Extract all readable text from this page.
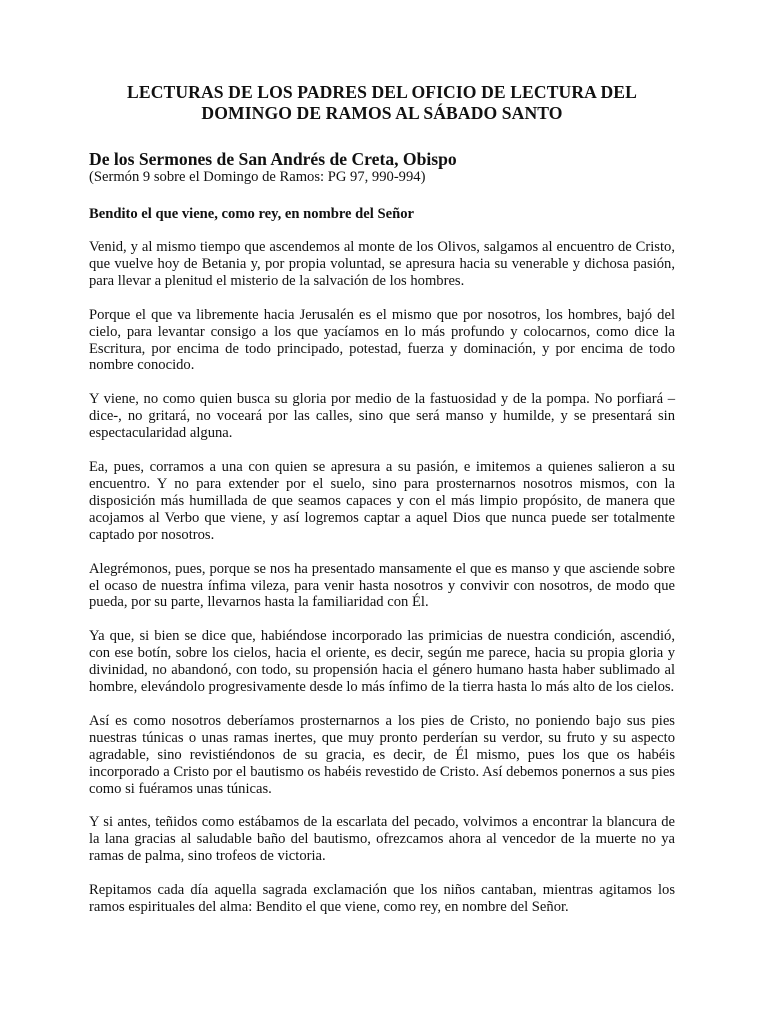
LECTURAS DE LOS PADRES DEL OFICIO DE LECTURA DEL DOMINGO DE RAMOS AL SÁBADO SANTO

De los Sermones de San Andrés de Creta, Obispo

(Sermón 9 sobre el Domingo de Ramos: PG 97, 990-994)

Bendito el que viene, como rey, en nombre del Señor

Venid, y al mismo tiempo que ascendemos al monte de los Olivos, salgamos al encuentro de Cristo, que vuelve hoy de Betania y, por propia voluntad, se apresura hacia su venerable y dichosa pasión, para llevar a plenitud el misterio de la salvación de los hombres.

Porque el que va libremente hacia Jerusalén es el mismo que por nosotros, los hombres, bajó del cielo, para levantar consigo a los que yacíamos en lo más profundo y colocarnos, como dice la Escritura, por encima de todo principado, potestad, fuerza y dominación, y por encima de todo nombre conocido.

Y viene, no como quien busca su gloria por medio de la fastuosidad y de la pompa. No porfiará –dice-, no gritará, no voceará por las calles, sino que será manso y humilde, y se presentará sin espectacularidad alguna.

Ea, pues, corramos a una con quien se apresura a su pasión, e imitemos a quienes salieron a su encuentro. Y no para extender por el suelo, sino para prosternarnos nosotros mismos, con la disposición más humillada de que seamos capaces y con el más limpio propósito, de manera que acojamos al Verbo que viene, y así logremos captar a aquel Dios que nunca puede ser totalmente captado por nosotros.

Alegrémonos, pues, porque se nos ha presentado mansamente el que es manso y que asciende sobre el ocaso de nuestra ínfima vileza, para venir hasta nosotros y convivir con nosotros, de modo que pueda, por su parte, llevarnos hasta la familiaridad con Él.

Ya que, si bien se dice que, habiéndose incorporado las primicias de nuestra condición, ascendió, con ese botín, sobre los cielos, hacia el oriente, es decir, según me parece, hacia su propia gloria y divinidad, no abandonó, con todo, su propensión hacia el género humano hasta haber sublimado al hombre, elevándolo progresivamente desde lo más ínfimo de la tierra hasta lo más alto de los cielos.

Así es como nosotros deberíamos prosternarnos a los pies de Cristo, no poniendo bajo sus pies nuestras túnicas o unas ramas inertes, que muy pronto perderían su verdor, su fruto y su aspecto agradable, sino revistiéndonos de su gracia, es decir, de Él mismo, pues los que os habéis incorporado a Cristo por el bautismo os habéis revestido de Cristo. Así debemos ponernos a sus pies como si fuéramos unas túnicas.

Y si antes, teñidos como estábamos de la escarlata del pecado, volvimos a encontrar la blancura de la lana gracias al saludable baño del bautismo, ofrezcamos ahora al vencedor de la muerte no ya ramas de palma, sino trofeos de victoria.

Repitamos cada día aquella sagrada exclamación que los niños cantaban, mientras agitamos los ramos espirituales del alma: Bendito el que viene, como rey, en nombre del Señor.
